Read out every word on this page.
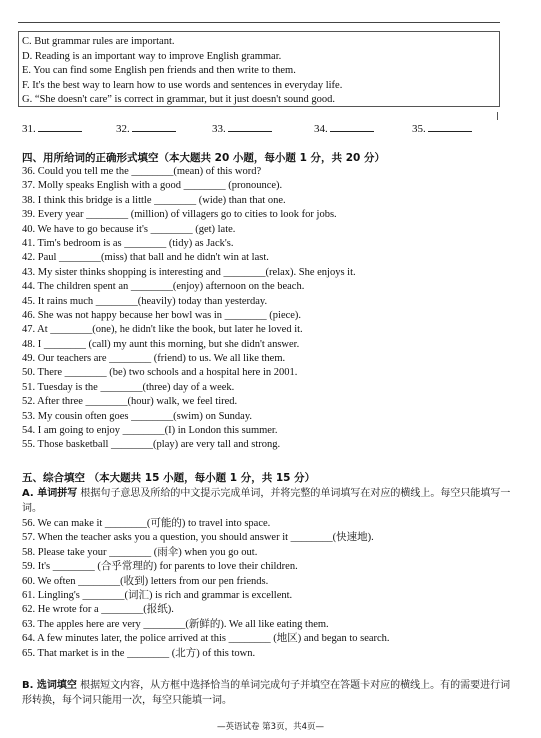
C. But grammar rules are important.
D. Reading is an important way to improve English grammar.
E. You can find some English pen friends and then write to them.
F. It's the best way to learn how to use words and sentences in everyday life.
G. “She doesn't care” is correct in grammar, but it just doesn't sound good.
31.	32.	33.	34.	35.
四、用所给词的正确形式填空（本大题共 20 小题，每小题 1 分，共 20 分）
36. Could you tell me the ________(mean) of this word?
37. Molly speaks English with a good ________ (pronounce).
38. I think this bridge is a little ________ (wide) than that one.
39. Every year ________ (million) of villagers go to cities to look for jobs.
40. We have to go because it's ________ (get) late.
41. Tim's bedroom is as ________ (tidy) as Jack's.
42. Paul ________(miss) that ball and he didn't win at last.
43. My sister thinks shopping is interesting and ________(relax). She enjoys it.
44. The children spent an ________(enjoy) afternoon on the beach.
45. It rains much ________(heavily) today than yesterday.
46. She was not happy because her bowl was in ________ (piece).
47. At ________(one), he didn't like the book, but later he loved it.
48. I ________ (call) my aunt this morning, but she didn't answer.
49. Our teachers are ________ (friend) to us. We all like them.
50. There ________ (be) two schools and a hospital here in 2001.
51. Tuesday is the ________(three) day of a week.
52. After three ________(hour) walk, we feel tired.
53. My cousin often goes ________(swim) on Sunday.
54. I am going to enjoy ________(I) in London this summer.
55. Those basketball ________(play) are very tall and strong.
五、综合填空 （本大题共 15 小题，每小题 1 分，共 15 分）
A. 单词拼写 根据句子意思及所给的中文提示完成单词，并将完整的单词填写在对应的横线上。每空只能填写一词。
56. We can make it ________(可能的) to travel into space.
57. When the teacher asks you a question, you should answer it ________(快速地).
58. Please take your ________ (雨伞) when you go out.
59. It's ________ (合乎常理的) for parents to love their children.
60. We often ________(收到) letters from our pen friends.
61. Lingling's ________(词汇) is rich and grammar is excellent.
62. He wrote for a ________(报纸).
63. The apples here are very ________(新鲜的). We all like eating them.
64. A few minutes later, the police arrived at this ________ (地区) and began to search.
65. That market is in the ________ (北方) of this town.
B. 选词填空 根据短文内容，从方框中选择恰当的单词完成句子并填空在答题卡对应的横线上。有的需要进行词形转换，每个词只能用一次，每空只能填一词。
—英语试卷 第3页，共4页—
